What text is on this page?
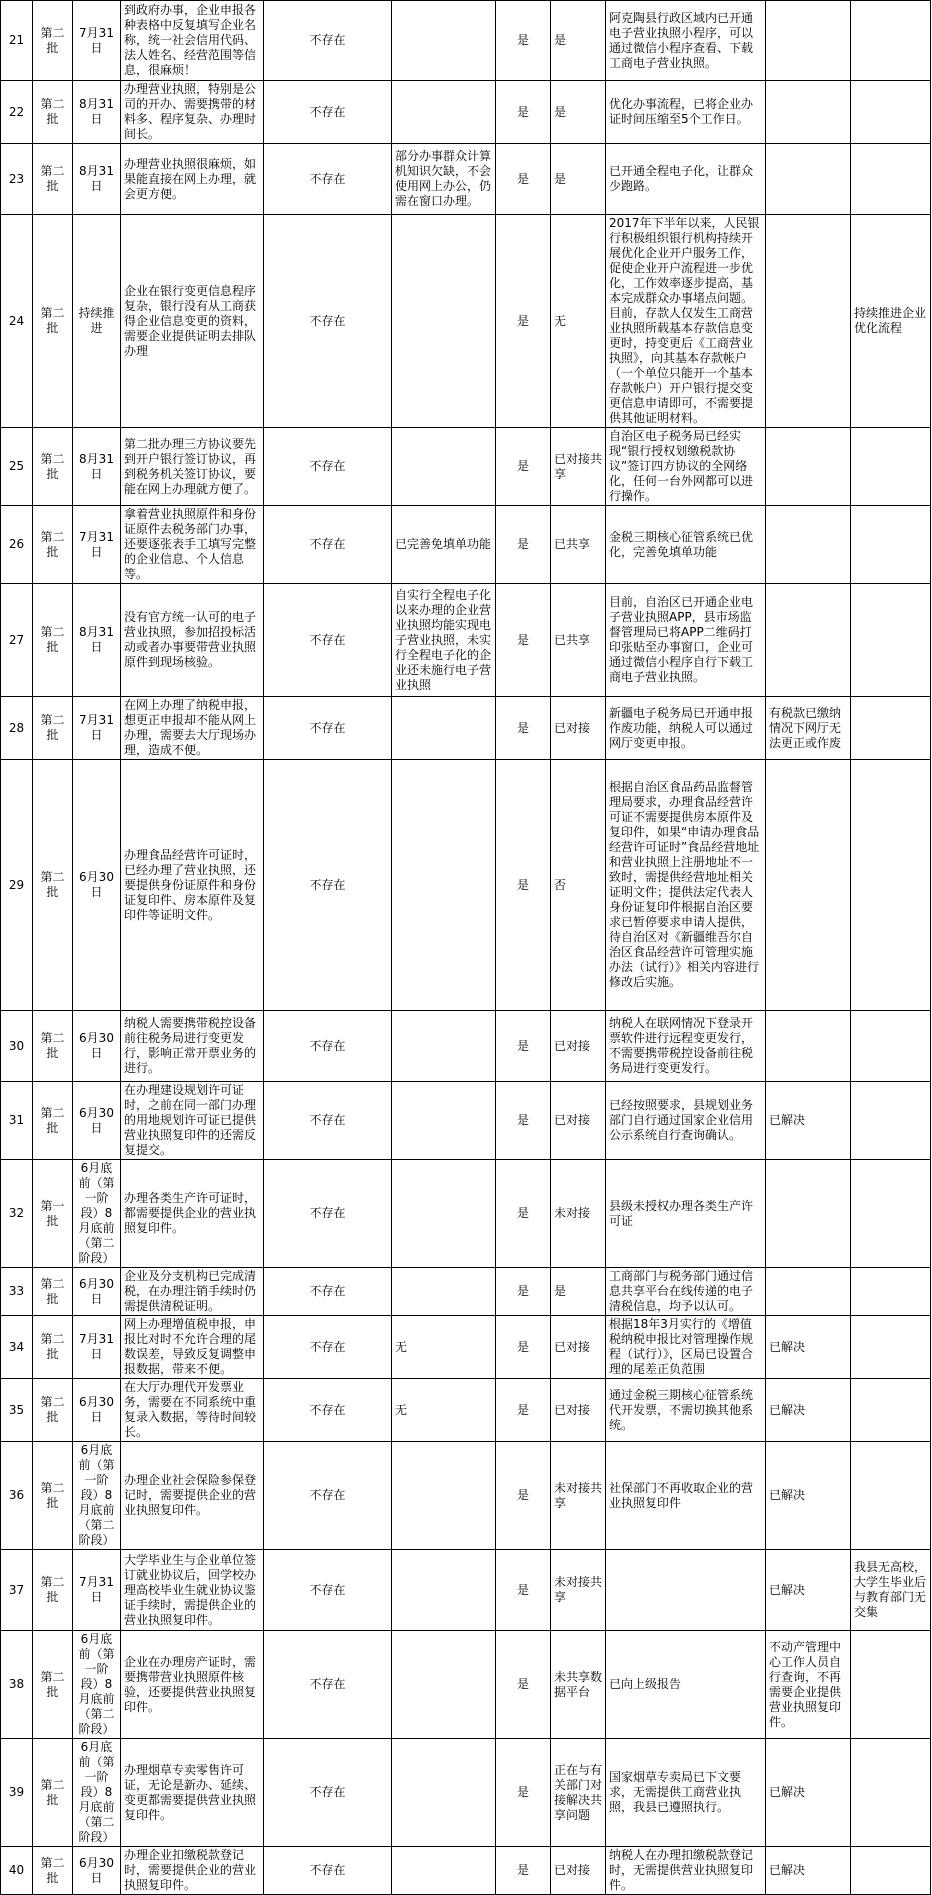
21	第二批	7月31日	到政府办事，企业申报各种表格中反复填写企业名称，统一社会信用代码、法人姓名、经营范围等信息，很麻烦！	不存在		是	是	阿克陶县行政区域内已开通电子营业执照小程序，可以通过微信小程序查看、下载工商电子营业执照。		
22	第二批	8月31日	办理营业执照，特别是公司的开办、需要携带的材料多、程序复杂、办理时间长。	不存在		是	是	优化办事流程，已将企业办证时间压缩至5个工作日。		
23	第二批	8月31日	办理营业执照很麻烦，如果能直接在网上办理，就会更方便。	不存在	部分办事群众计算机知识欠缺，不会使用网上办公，仍需在窗口办理。	是	是	已开通全程电子化，让群众少跑路。		
24	第二批	持续推进	企业在银行变更信息程序复杂，银行没有从工商获得企业信息变更的资料，需要企业提供证明去排队办理	不存在		是	无	2017年下半年以来，人民银行积极组织银行机构持续开展优化企业开户服务工作，促使企业开户流程进一步优化，工作效率逐步提高，基本完成群众办事堵点问题。目前，存款人仅发生工商营业执照所载基本存款信息变更时，持变更后《工商营业执照》，向其基本存款帐户（一个单位只能开一个基本存款帐户）开户银行提交变更信息申请即可，不需要提供其他证明材料。		持续推进企业优化流程
25	第二批	8月31日	第二批办理三方协议要先到开户银行签订协议，再到税务机关签订协议，要能在网上办理就方便了。	不存在		是	已对接共享	自治区电子税务局已经实现“银行授权划缴税款协议”签订四方协议的全网络化，任何一台外网都可以进行操作。		
26	第二批	7月31日	拿着营业执照原件和身份证原件去税务部门办事，还要逐张表手工填写完整的企业信息、个人信息等。	不存在	已完善免填单功能	是	已共享	金税三期核心征管系统已优化，完善免填单功能		
27	第二批	8月31日	没有官方统一认可的电子营业执照，参加招投标活动或者办事要带营业执照原件到现场核验。	不存在	自实行全程电子化以来办理的企业营业执照均能实现电子营业执照，未实行全程电子化的企业还未施行电子营业执照	是	已共享	目前，自治区已开通企业电子营业执照APP，县市场监督管理局已将APP二维码打印张贴至办事窗口，企业可通过微信小程序自行下载工商电子营业执照。		
28	第二批	7月31日	在网上办理了纳税申报，想更正申报却不能从网上办理，需要去大厅现场办理，造成不便。	不存在		是	已对接	新疆电子税务局已开通申报作废功能，纳税人可以通过网厅变更申报。	有税款已缴纳情况下网厅无法更正或作废	
29	第二批	6月30日	办理食品经营许可证时，已经办理了营业执照，还要提供身份证原件和身份证复印件、房本原件及复印件等证明文件。	不存在		是	否	根据自治区食品药品监督管理局要求，办理食品经营许可证不需要提供房本原件及复印件，如果“申请办理食品经营许可证时”食品经营地址和营业执照上注册地址不一致时，需提供经营地址相关证明文件；提供法定代表人身份证复印件根据自治区要求已暂停要求申请人提供，待自治区对《新疆维吾尔自治区食品经营许可管理实施办法（试行）》相关内容进行修改后实施。		
30	第二批	6月30日	纳税人需要携带税控设备前往税务局进行变更发行，影响正常开票业务的进行。	不存在		是	已对接	纳税人在联网情况下登录开票软件进行远程变更发行，不需要携带税控设备前往税务局进行变更发行。		
31	第二批	6月30日	在办理建设规划许可证时，之前在同一部门办理的用地规划许可证已提供营业执照复印件的还需反复提交。	不存在		是	已对接	已经按照要求，县规划业务部门自行通过国家企业信用公示系统自行查询确认。	已解决	
32	第一批	6月底前（第一阶段）8月底前（第二阶段）	办理各类生产许可证时，都需要提供企业的营业执照复印件。	不存在		是	未对接	县级未授权办理各类生产许可证		
33	第二批	6月30日	企业及分支机构已完成清税，在办理注销手续时仍需提供清税证明。	不存在		是	是	工商部门与税务部门通过信息共享平台在线传递的电子清税信息，均予以认可。		
34	第二批	7月31日	网上办理增值税申报，申报比对时不允许合理的尾数误差，导致反复调整申报数据，带来不便。	不存在	无	是	已对接	根据18年3月实行的《增值税纳税申报比对管理操作规程（试行）》，区局已设置合理的尾差正负范围	已解决	
35	第二批	6月30日	在大厅办理代开发票业务，需要在不同系统中重复录入数据，等待时间较长。	不存在	无	是	已对接	通过金税三期核心征管系统代开发票，不需切换其他系统。	已解决	
36	第二批	6月底前（第一阶段）8月底前（第二阶段）	办理企业社会保险参保登记时，需要提供企业的营业执照复印件。	不存在		是	未对接共享	社保部门不再收取企业的营业执照复印件	已解决	
37	第二批	7月31日	大学毕业生与企业单位签订就业协议后，回学校办理高校毕业生就业协议鉴证手续时，需提供企业的营业执照复印件。	不存在		是	未对接共享		已解决	我县无高校，大学生毕业后与教育部门无交集
38	第二批	6月底前（第一阶段）8月底前（第二阶段）	企业在办理房产证时，需要携带营业执照原件核验，还要提供营业执照复印件。	不存在		是	未共享数据平台	已向上级报告	不动产管理中心工作人员自行查询，不再需要企业提供营业执照复印件。	
39	第二批	6月底前（第一阶段）8月底前（第二阶段）	办理烟草专卖零售许可证，无论是新办、延续、变更都需要提供营业执照复印件。	不存在		是	正在与有关部门对接解决共享问题	国家烟草专卖局已下文要求，无需提供工商营业执照，我县已遵照执行。	已解决	
40	第二批	6月30日	办理企业扣缴税款登记时，需要提供企业的营业执照复印件。	不存在		是	已对接	纳税人在办理扣缴税款登记时，无需提供营业执照复印件。	已解决	
